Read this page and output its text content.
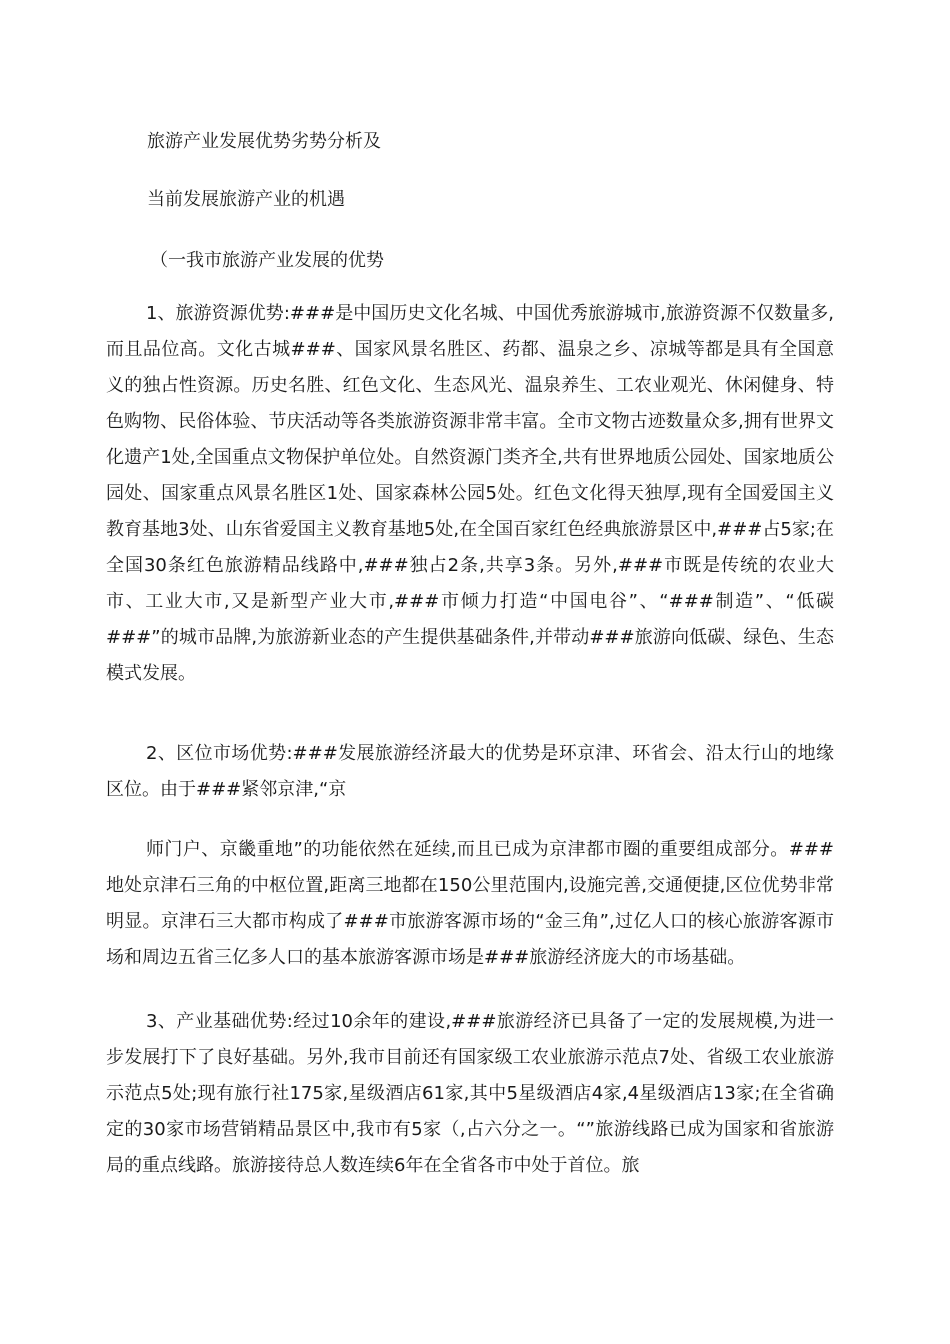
旅游产业发展优势劣势分析及
当前发展旅游产业的机遇
（一我市旅游产业发展的优势

1、旅游资源优势:###是中国历史文化名城、中国优秀旅游城市,旅游资源不仅数量多,而且品位高。文化古城###、国家风景名胜区、药都、温泉之乡、凉城等都是具有全国意义的独占性资源。历史名胜、红色文化、生态风光、温泉养生、工农业观光、休闲健身、特色购物、民俗体验、节庆活动等各类旅游资源非常丰富。全市文物古迹数量众多,拥有世界文化遗产1处,全国重点文物保护单位处。自然资源门类齐全,共有世界地质公园处、国家地质公园处、国家重点风景名胜区1处、国家森林公园5处。红色文化得天独厚,现有全国爱国主义教育基地3处、山东省爱国主义教育基地5处,在全国百家红色经典旅游景区中,###占5家;在全国30条红色旅游精品线路中,###独占2条,共享3条。另外,###市既是传统的农业大市、工业大市,又是新型产业大市,###市倾力打造“中国电谷”、“###制造”、“低碳###”的城市品牌,为旅游新业态的产生提供基础条件,并带动###旅游向低碳、绿色、生态模式发展。

2、区位市场优势:###发展旅游经济最大的优势是环京津、环省会、沿太行山的地缘区位。由于###紧邻京津,“京

师门户、京畿重地”的功能依然在延续,而且已成为京津都市圈的重要组成部分。###地处京津石三角的中枢位置,距离三地都在150公里范围内,设施完善,交通便捷,区位优势非常明显。京津石三大都市构成了###市旅游客源市场的“金三角”,过亿人口的核心旅游客源市场和周边五省三亿多人口的基本旅游客源市场是###旅游经济庞大的市场基础。

3、产业基础优势:经过10余年的建设,###旅游经济已具备了一定的发展规模,为进一步发展打下了良好基础。另外,我市目前还有国家级工农业旅游示范点7处、省级工农业旅游示范点5处;现有旅行社175家,星级酒店61家,其中5星级酒店4家,4星级酒店13家;在全省确定的30家市场营销精品景区中,我市有5家（,占六分之一。“”旅游线路已成为国家和省旅游局的重点线路。旅游接待总人数连续6年在全省各市中处于首位。旅
